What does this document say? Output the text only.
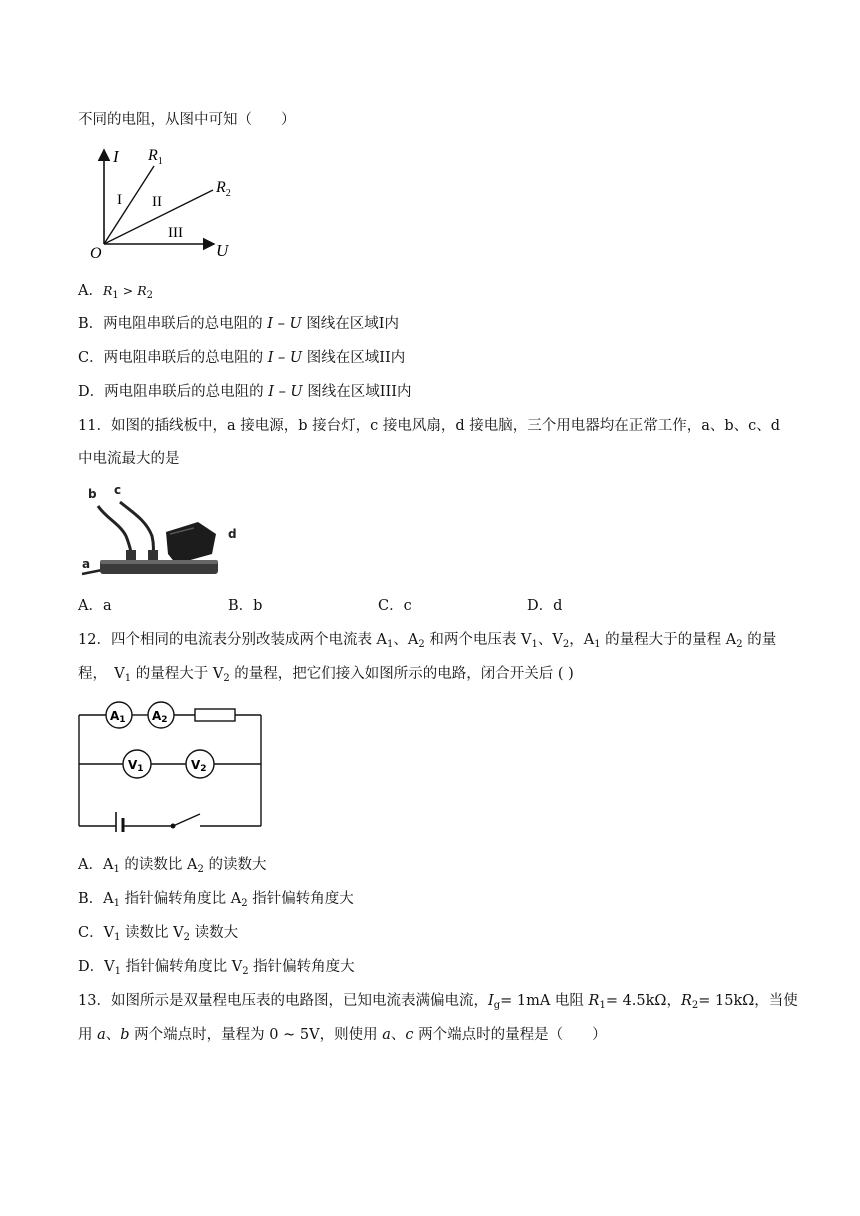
不同的电阻，从图中可知（　　）
I
U
O
$R_1$
$R_2$
I II
III
A．$R_1 > R_2$
B．两电阻串联后的总电阻的 I – U 图线在区域I内
C．两电阻串联后的总电阻的 I – U 图线在区域II内
D．两电阻串联后的总电阻的 I – U 图线在区域III内
11．如图的插线板中，a 接电源，b 接台灯，c 接电风扇，d 接电脑，三个用电器均在正常工作，a、b、c、d
中电流最大的是
b c
d
a
A．a	B．b	C．c	D．d
12．四个相同的电流表分别改装成两个电流表 $A_1$、$A_2$ 和两个电压表 $V_1$、$V_2$，$A_1$ 的量程大于的量程 $A_2$ 的量
程，　$V_1$ 的量程大于 $V_2$ 的量程，把它们接入如图所示的电路，闭合开关后 ( )
A1 A2
V1	V2
A．$A_1$ 的读数比 $A_2$ 的读数大
B．$A_1$ 指针偏转角度比 $A_2$ 指针偏转角度大
C．$V_1$ 读数比 $V_2$ 读数大
D．$V_1$ 指针偏转角度比 $V_2$ 指针偏转角度大
13．如图所示是双量程电压表的电路图，已知电流表满偏电流，$I_g= 1mA$ 电阻 $R_1= 4.5k\Omega$，$R_2= 15k\Omega$，当使
用 a、b 两个端点时，量程为 0 ~ 5V，则使用 a、c 两个端点时的量程是（　　）
